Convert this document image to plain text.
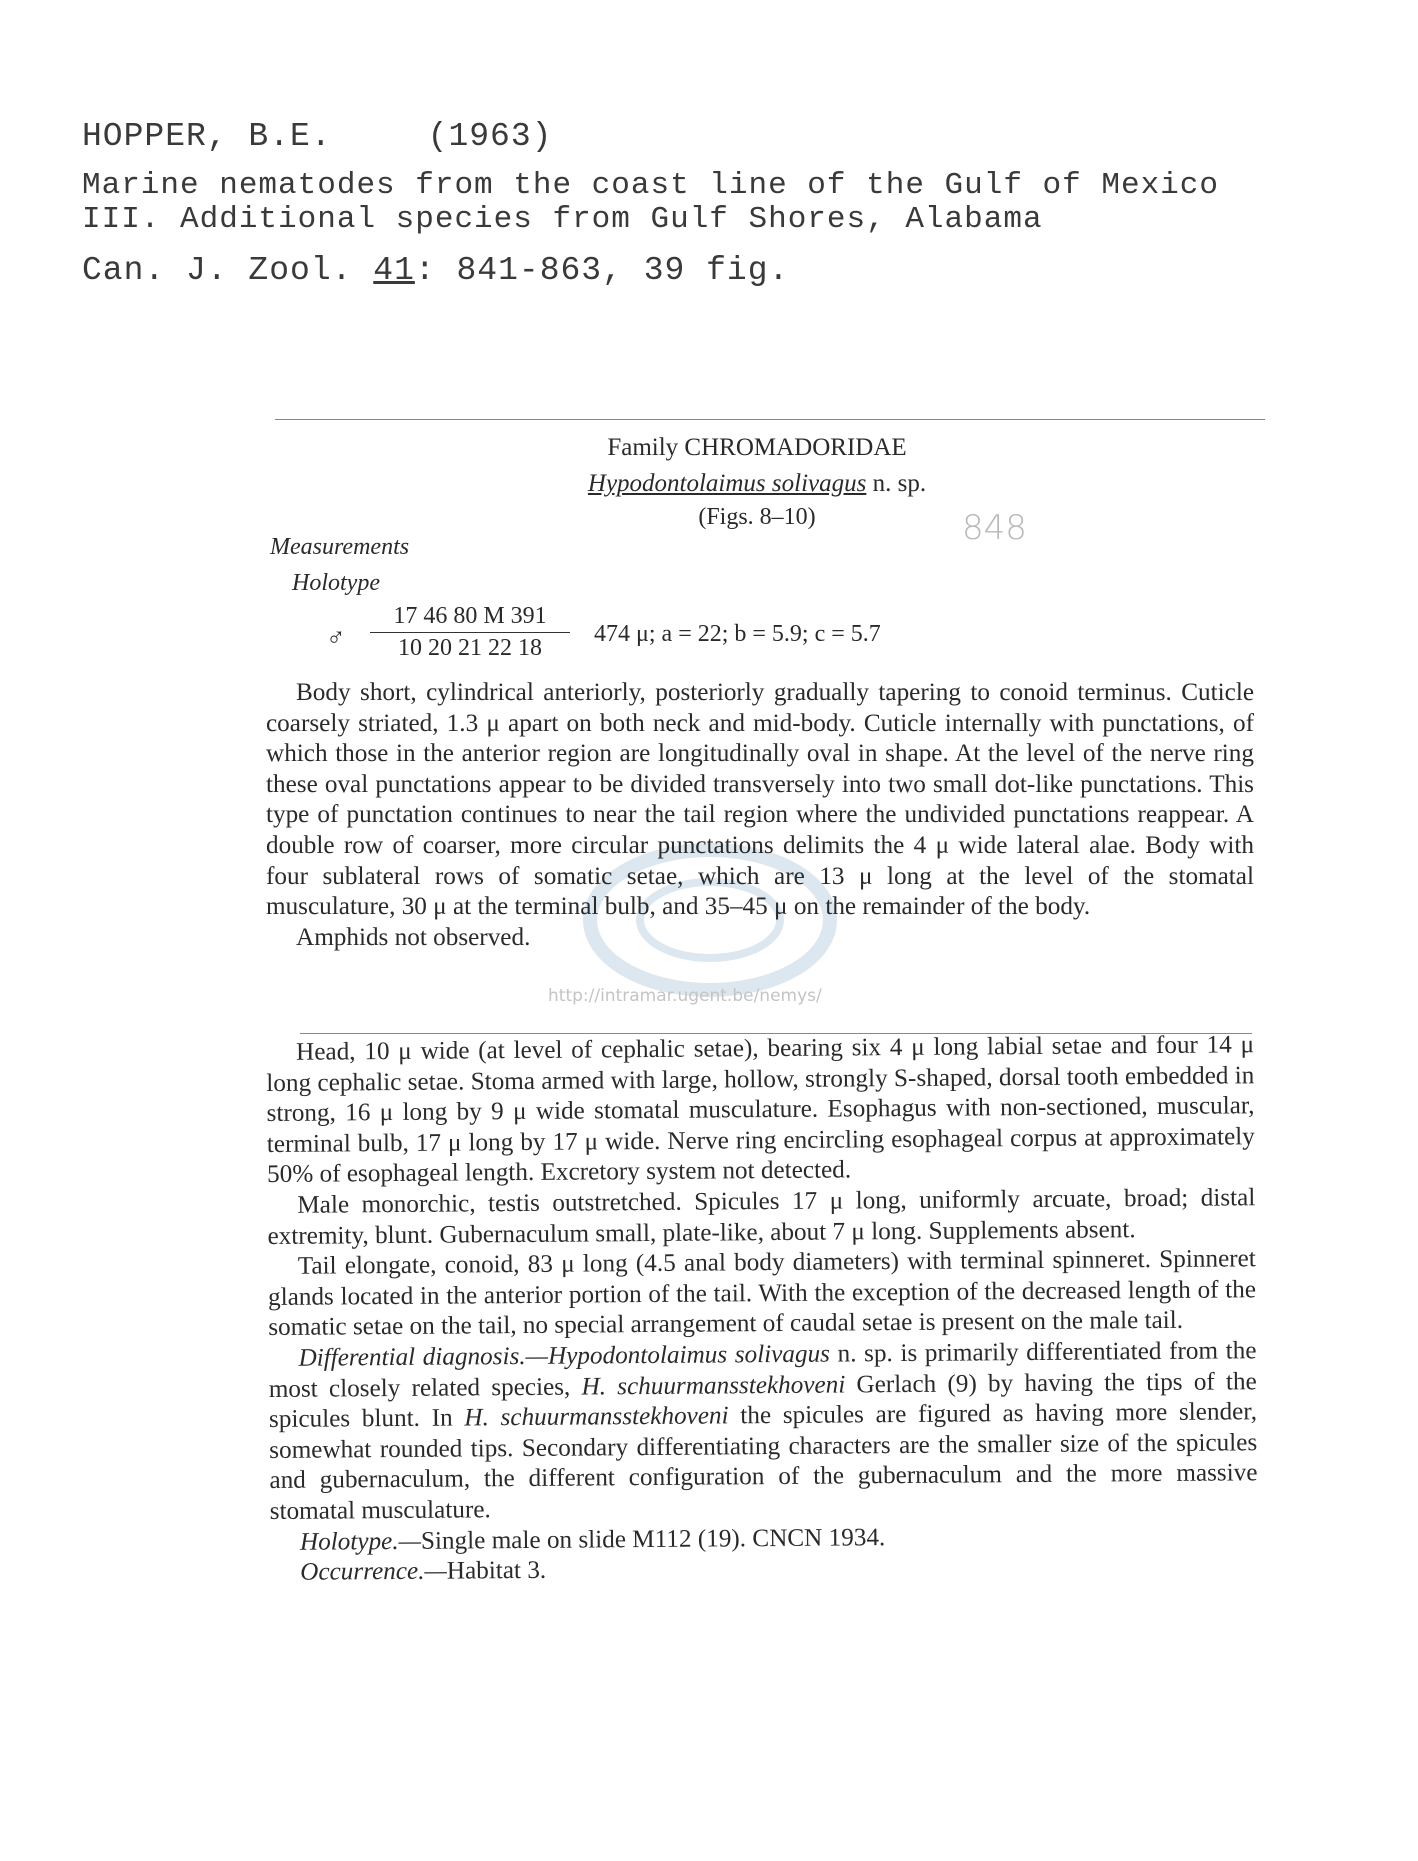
HOPPER, B.E.	(1963)
Marine nematodes from the coast line of the Gulf of Mexico
III. Additional species from Gulf Shores, Alabama
Can. J. Zool. 41: 841-863, 39 fig.
Family CHROMADORIDAE
Hypodontolaimus solivagus n. sp.
(Figs. 8–10)	848
Measurements
Holotype
♂ $\frac{17 46 80 M 391}{10 20 21 22 18} 474$ μ; a = 22; b = 5.9; c = 5.7

Body short, cylindrical anteriorly, posteriorly gradually tapering to conoid terminus. Cuticle coarsely striated, 1.3 μ apart on both neck and mid-body. Cuticle internally with punctations, of which those in the anterior region are longitudinally oval in shape. At the level of the nerve ring these oval punctations appear to be divided transversely into two small dot-like punctations. This type of punctation continues to near the tail region where the undivided punctations reappear. A double row of coarser, more circular punctations delimits the 4 μ wide lateral alae. Body with four sublateral rows of somatic setae, which are 13 μ long at the level of the stomatal musculature, 30 μ at the terminal bulb, and 35–45 μ on the remainder of the body.

Amphids not observed.

http://intramar.ugent.be/nemys/

Head, 10 μ wide (at level of cephalic setae), bearing six 4 μ long labial setae and four 14 μ long cephalic setae. Stoma armed with large, hollow, strongly S-shaped, dorsal tooth embedded in strong, 16 μ long by 9 μ wide stomatal musculature. Esophagus with non-sectioned, muscular, terminal bulb, 17 μ long by 17 μ wide. Nerve ring encircling esophageal corpus at approximately 50% of esophageal length. Excretory system not detected.

Male monorchic, testis outstretched. Spicules 17 μ long, uniformly arcuate, broad; distal extremity, blunt. Gubernaculum small, plate-like, about 7 μ long. Supplements absent.

Tail elongate, conoid, 83 μ long (4.5 anal body diameters) with terminal spinneret. Spinneret glands located in the anterior portion of the tail. With the exception of the decreased length of the somatic setae on the tail, no special arrangement of caudal setae is present on the male tail.

Differential diagnosis.—Hypodontolaimus solivagus n. sp. is primarily differentiated from the most closely related species, H. schuurmansstekhoveni Gerlach (9) by having the tips of the spicules blunt. In H. schuurmansstekhoveni the spicules are figured as having more slender, somewhat rounded tips. Secondary differentiating characters are the smaller size of the spicules and gubernaculum, the different configuration of the gubernaculum and the more massive stomatal musculature.

Holotype.—Single male on slide M112 (19). CNCN 1934.

Occurrence.—Habitat 3.
